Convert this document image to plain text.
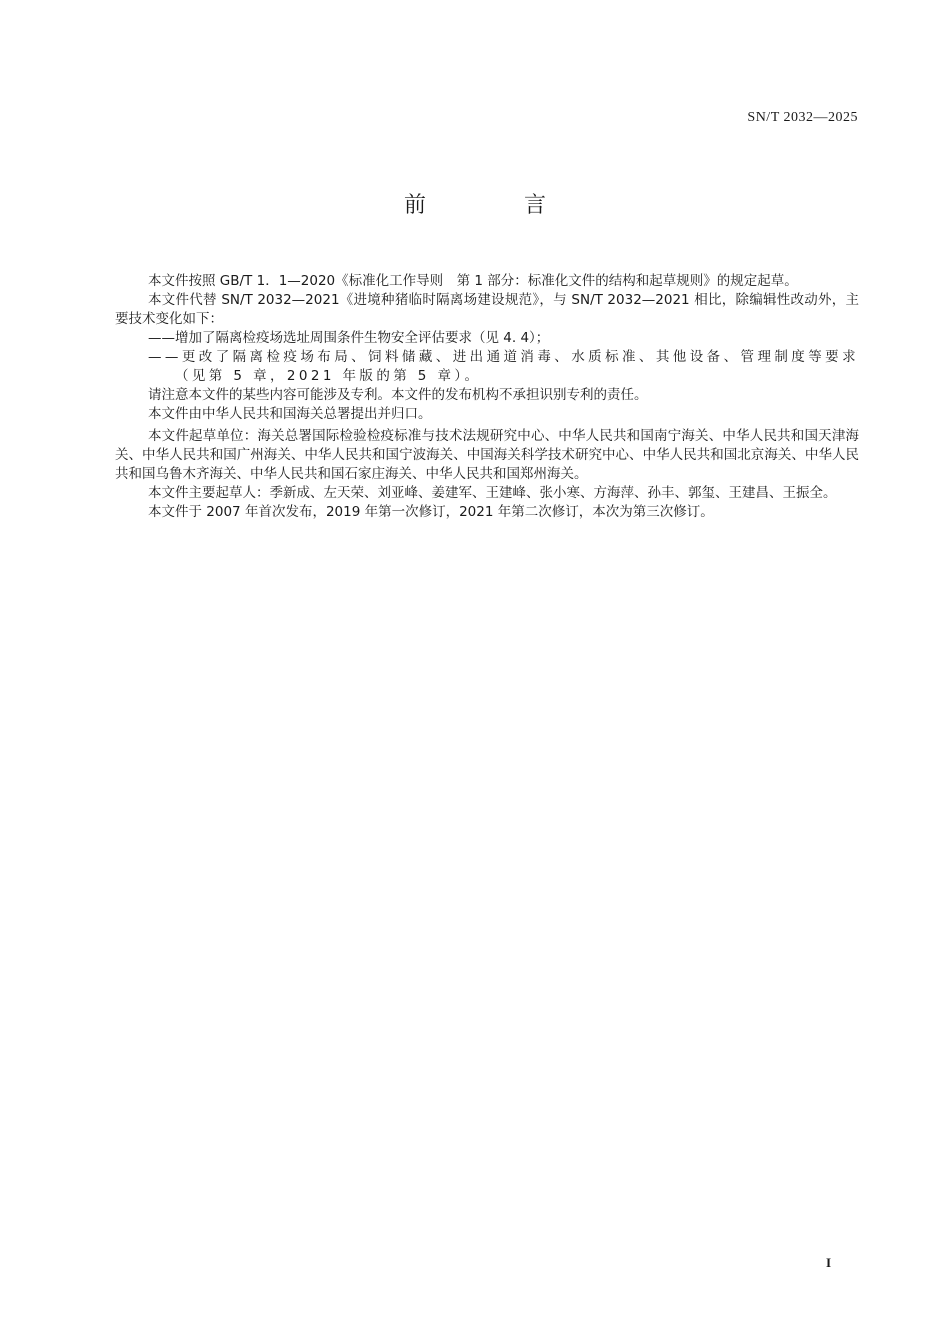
SN/T 2032—2025
前　言

本文件按照 GB/T 1．1—2020《标准化工作导则　第 1 部分：标准化文件的结构和起草规则》的规定起草。

本文件代替 SN/T 2032—2021《进境种猪临时隔离场建设规范》，与 SN/T 2032—2021 相比，除编辑性改动外，主要技术变化如下：

——增加了隔离检疫场选址周围条件生物安全评估要求（见 4. 4）；

——更改了隔离检疫场布局、饲料储藏、进出通道消毒、水质标准、其他设备、管理制度等要求（见第 5 章，2021 年版的第 5 章）。

请注意本文件的某些内容可能涉及专利。本文件的发布机构不承担识别专利的责任。

本文件由中华人民共和国海关总署提出并归口。

本文件起草单位：海关总署国际检验检疫标准与技术法规研究中心、中华人民共和国南宁海关、中华人民共和国天津海关、中华人民共和国广州海关、中华人民共和国宁波海关、中国海关科学技术研究中心、中华人民共和国北京海关、中华人民共和国乌鲁木齐海关、中华人民共和国石家庄海关、中华人民共和国郑州海关。

本文件主要起草人：季新成、左天荣、刘亚峰、姜建军、王建峰、张小寒、方海萍、孙丰、郭玺、王建昌、王振全。

本文件于 2007 年首次发布，2019 年第一次修订，2021 年第二次修订，本次为第三次修订。

I
